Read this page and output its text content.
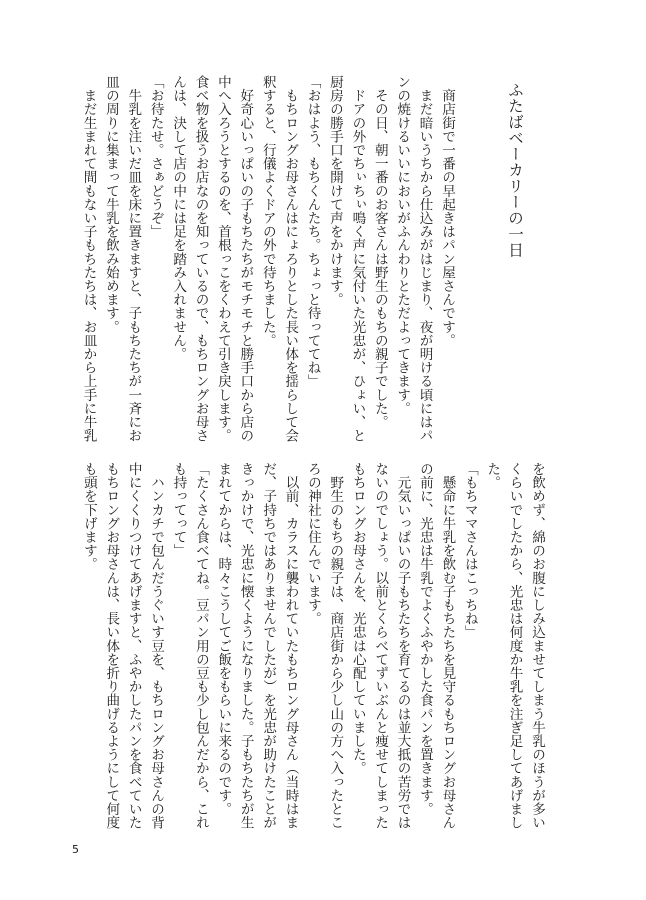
ふたばベーカリーの一日
　商店街で一番の早起きはパン屋さんです。
　まだ暗いうちから仕込みがはじまり、夜が明ける頃にはパ
ンの焼けるいいにおいがふんわりとただよってきます。
　その日、朝一番のお客さんは野生のもちの親子でした。
　ドアの外でちぃちぃ鳴く声に気付いた光忠が、ひょい、と
厨房の勝手口を開けて声をかけます。
「おはよう、もちくんたち。ちょっと待っててね」
　もちロングお母さんはにょろりとした長い体を揺らして会
釈すると、行儀よくドアの外で待ちました。
　好奇心いっぱいの子もちたちがモチモチと勝手口から店の
中へ入ろうとするのを、首根っこをくわえて引き戻します。
食べ物を扱うお店なのを知っているので、もちロングお母さ
んは、決して店の中には足を踏み入れません。
「お待たせ。さぁどうぞ」
　牛乳を注いだ皿を床に置きますと、子もちたちが一斉にお
皿の周りに集まって牛乳を飲み始めます。
　まだ生まれて間もない子もちたちは、お皿から上手に牛乳
を飲めず、綿のお腹にしみ込ませてしまう牛乳のほうが多い
くらいでしたから、光忠は何度か牛乳を注ぎ足してあげまし
た。
「もちママさんはこっちね」
　懸命に牛乳を飲む子もちたちを見守るもちロングお母さん
の前に、光忠は牛乳でよくふやかした食パンを置きます。
　元気いっぱいの子もちたちを育てるのは並大抵の苦労では
ないのでしょう。以前とくらべてずいぶんと痩せてしまった
もちロングお母さんを、光忠は心配していました。
　野生のもちの親子は、商店街から少し山の方へ入ったとこ
ろの神社に住んでいます。
　以前、カラスに襲われていたもちロング母さん（当時はま
だ、子持ちではありませんでしたが）を光忠が助けたことが
きっかけで、光忠に懐くようになりました。子もちたちが生
まれてからは、時々こうしてご飯をもらいに来るのです。
「たくさん食べてね。豆パン用の豆も少し包んだから、これ
も持ってって」
　ハンカチで包んだうぐいす豆を、もちロングお母さんの背
中にくくりつけてあげますと、ふやかしたパンを食べていた
もちロングお母さんは、長い体を折り曲げるようにして何度
も頭を下げます。
5
